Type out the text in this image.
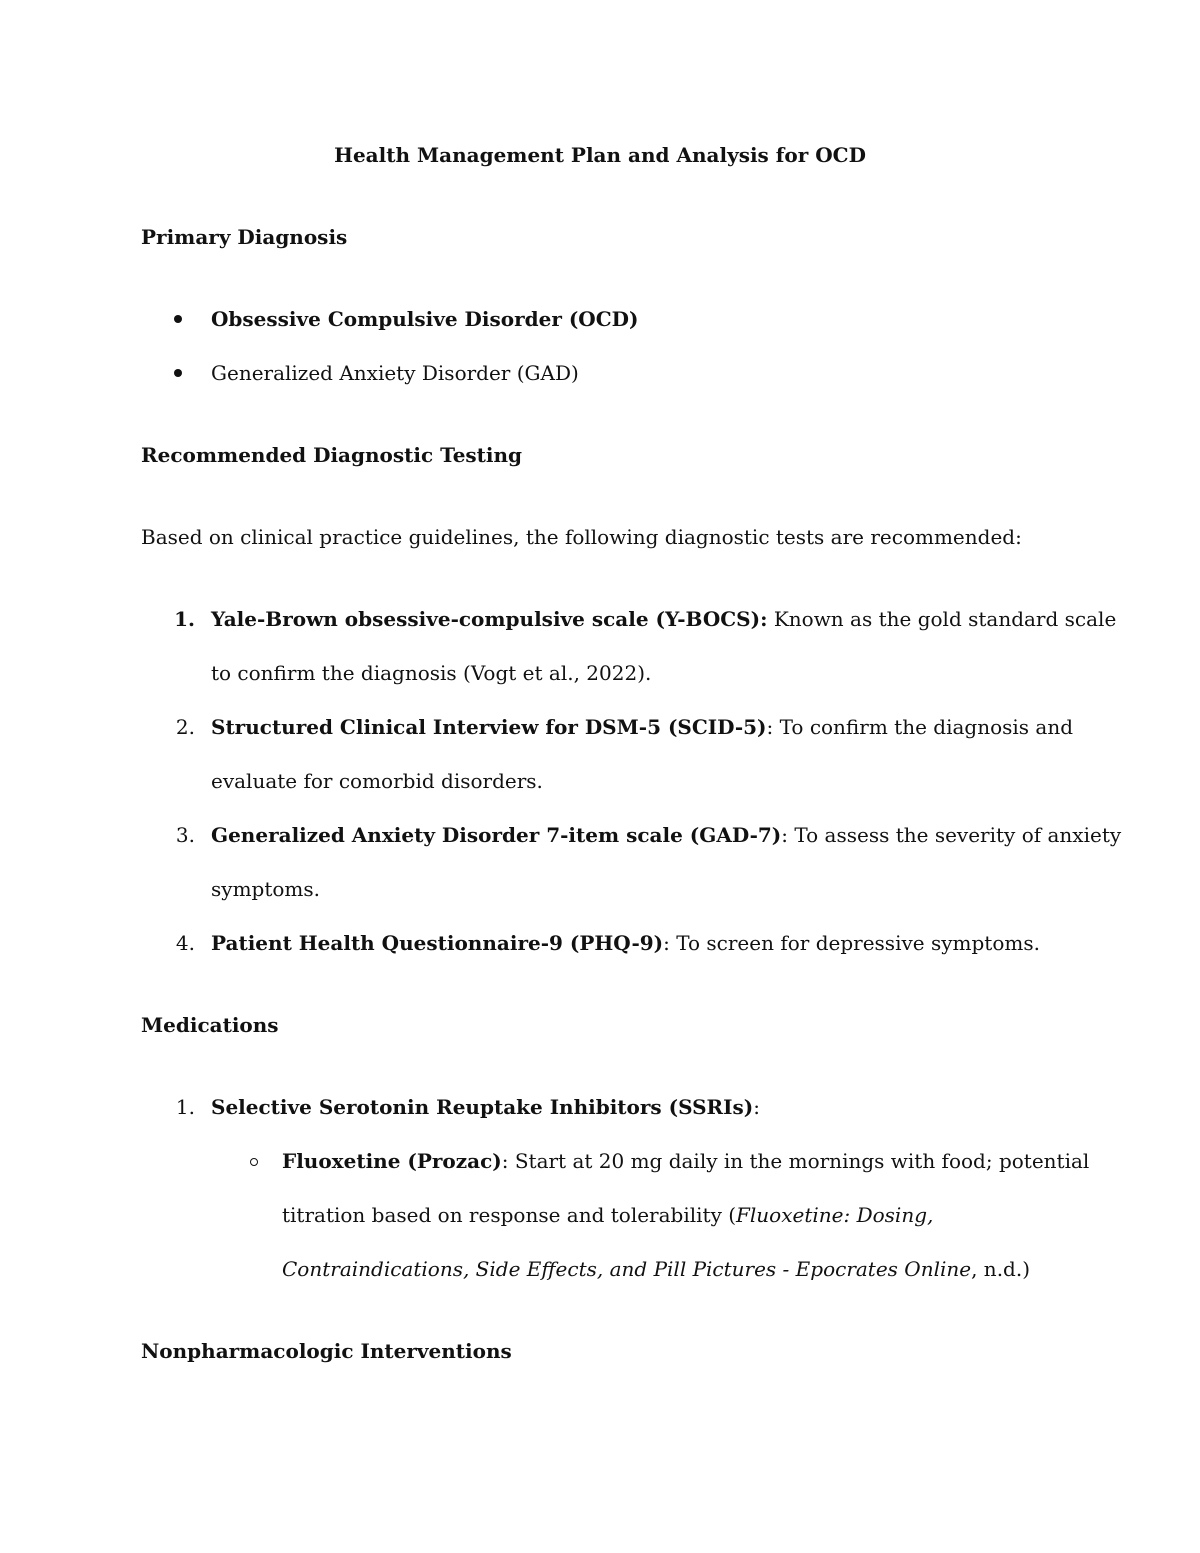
Health Management Plan and Analysis for OCD
Primary Diagnosis
Obsessive Compulsive Disorder (OCD)
Generalized Anxiety Disorder (GAD)
Recommended Diagnostic Testing
Based on clinical practice guidelines, the following diagnostic tests are recommended:
1. Yale-Brown obsessive-compulsive scale (Y-BOCS): Known as the gold standard scale
to confirm the diagnosis (Vogt et al., 2022).
2. Structured Clinical Interview for DSM-5 (SCID-5): To confirm the diagnosis and
evaluate for comorbid disorders.
3. Generalized Anxiety Disorder 7-item scale (GAD-7): To assess the severity of anxiety
symptoms.
4. Patient Health Questionnaire-9 (PHQ-9): To screen for depressive symptoms.
Medications
1. Selective Serotonin Reuptake Inhibitors (SSRIs):
Fluoxetine (Prozac): Start at 20 mg daily in the mornings with food; potential
titration based on response and tolerability (Fluoxetine: Dosing,
Contraindications, Side Effects, and Pill Pictures - Epocrates Online, n.d.)
Nonpharmacologic Interventions
